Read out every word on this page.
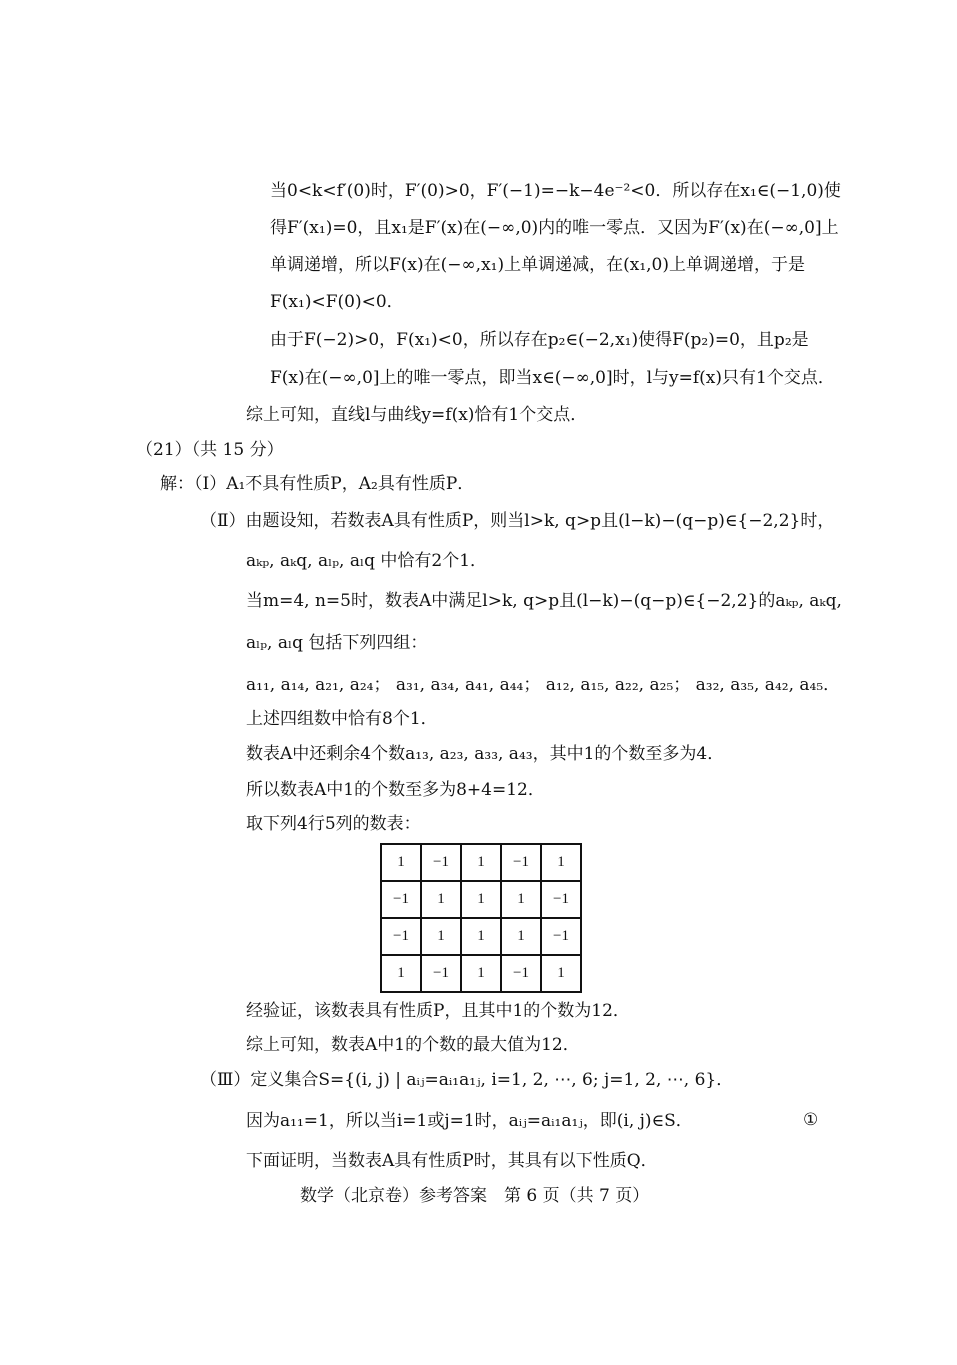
当0<k<f′(0)时，F′(0)>0，F′(−1)=−k−4e⁻²<0．所以存在x₁∈(−1,0)使
得F′(x₁)=0，且x₁是F′(x)在(−∞,0)内的唯一零点．又因为F′(x)在(−∞,0]上
单调递增，所以F(x)在(−∞,x₁)上单调递减，在(x₁,0)上单调递增，于是
F(x₁)<F(0)<0．
由于F(−2)>0，F(x₁)<0，所以存在p₂∈(−2,x₁)使得F(p₂)=0，且p₂是
F(x)在(−∞,0]上的唯一零点，即当x∈(−∞,0]时，l与y=f(x)只有1个交点．
综上可知，直线l与曲线y=f(x)恰有1个交点．
（21）（共 15 分）
解：（Ⅰ）A₁不具有性质P，A₂具有性质P．
（Ⅱ）由题设知，若数表A具有性质P，则当l>k, q>p且(l−k)−(q−p)∈{−2,2}时，
aₖₚ, aₖq, aₗₚ, aₗq 中恰有2个1．
当m=4, n=5时，数表A中满足l>k, q>p且(l−k)−(q−p)∈{−2,2}的aₖₚ, aₖq,
aₗₚ, aₗq 包括下列四组：
a₁₁, a₁₄, a₂₁, a₂₄； a₃₁, a₃₄, a₄₁, a₄₄； a₁₂, a₁₅, a₂₂, a₂₅； a₃₂, a₃₅, a₄₂, a₄₅．
上述四组数中恰有8个1．
数表A中还剩余4个数a₁₃, a₂₃, a₃₃, a₄₃，其中1的个数至多为4．
所以数表A中1的个数至多为8+4=12．
取下列4行5列的数表：
1	−1	1	−1	1
−1	1	1	1	−1
−1	1	1	1	−1
1	−1	1	−1	1
经验证，该数表具有性质P，且其中1的个数为12．
综上可知，数表A中1的个数的最大值为12．
（Ⅲ）定义集合S={(i, j) | aᵢⱼ=aᵢ₁a₁ⱼ, i=1, 2, ⋯, 6; j=1, 2, ⋯, 6}．
因为a₁₁=1，所以当i=1或j=1时，aᵢⱼ=aᵢ₁a₁ⱼ，即(i, j)∈S．	①
下面证明，当数表A具有性质P时，其具有以下性质Q．
数学（北京卷）参考答案　第 6 页（共 7 页）
